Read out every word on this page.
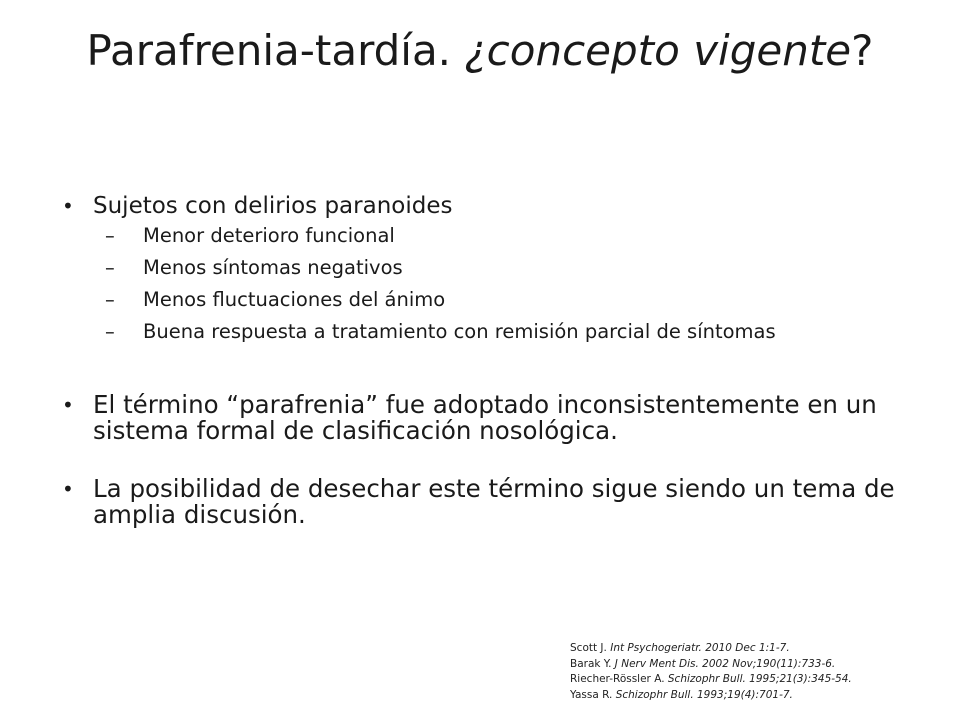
Parafrenia-tardía. ¿concepto vigente?
• Sujetos con delirios paranoides
– Menor deterioro funcional
– Menos síntomas negativos
– Menos fluctuaciones del ánimo
– Buena respuesta a tratamiento con remisión parcial de síntomas
• El término “parafrenia” fue adoptado inconsistentemente en un sistema formal de clasificación nosológica.
• La posibilidad de desechar este término sigue siendo un tema de amplia discusión.
Scott J. Int Psychogeriatr. 2010 Dec 1:1-7.
Barak Y. J Nerv Ment Dis. 2002 Nov;190(11):733-6.
Riecher-Rössler A. Schizophr Bull. 1995;21(3):345-54.
Yassa R. Schizophr Bull. 1993;19(4):701-7.
